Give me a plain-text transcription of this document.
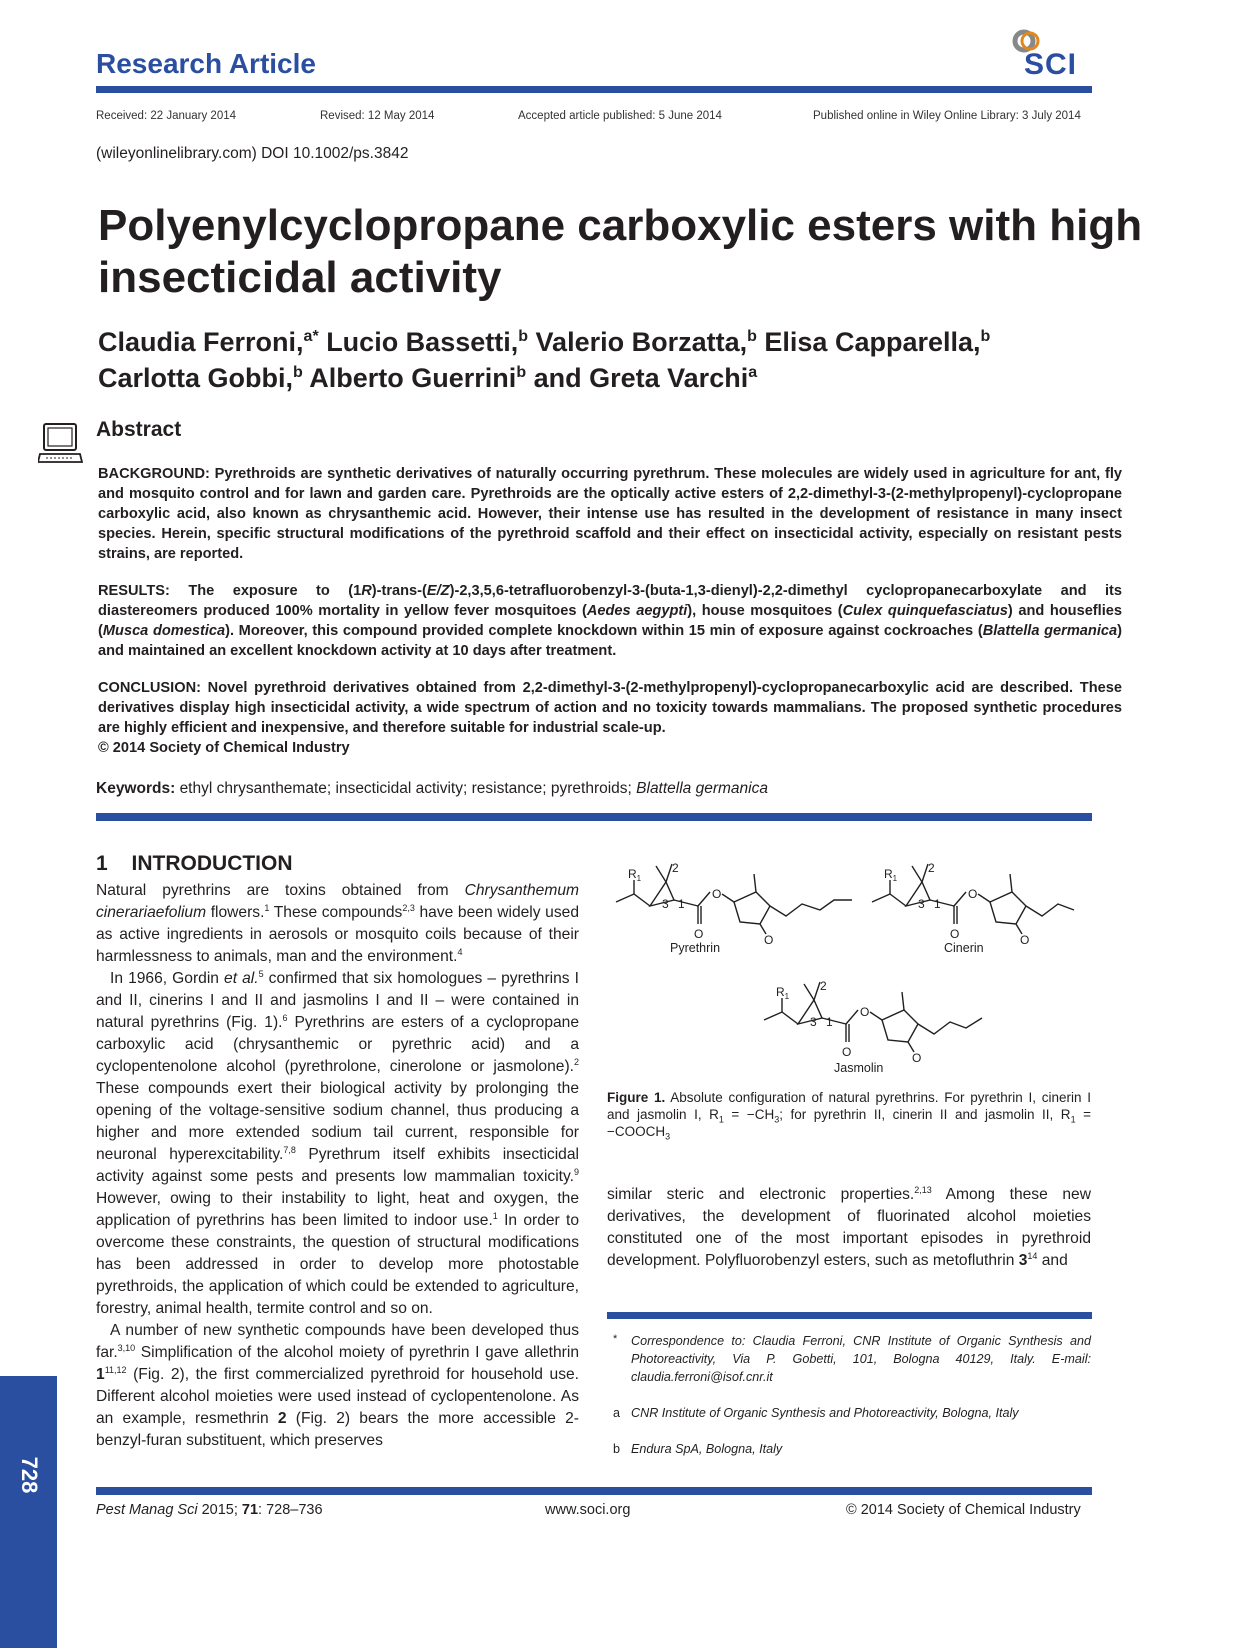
Research Article	SCI
Received: 22 January 2014	Revised: 12 May 2014	Accepted article published: 5 June 2014	Published online in Wiley Online Library: 3 July 2014
(wileyonlinelibrary.com) DOI 10.1002/ps.3842
Polyenylcyclopropane carboxylic esters with high insecticidal activity
Claudia Ferroni,$^{a*}$ Lucio Bassetti,$^b$ Valerio Borzatta,$^b$ Elisa Capparella,$^b$
Carlotta Gobbi,$^b$ Alberto Guerrini$^b$ and Greta Varchi$^a$
Abstract
BACKGROUND: Pyrethroids are synthetic derivatives of naturally occurring pyrethrum. These molecules are widely used in agriculture for ant, fly and mosquito control and for lawn and garden care. Pyrethroids are the optically active esters of 2,2-dimethyl-3-(2-methylpropenyl)-cyclopropane carboxylic acid, also known as chrysanthemic acid. However, their intense use has resulted in the development of resistance in many insect species. Herein, specific structural modifications of the pyrethroid scaffold and their effect on insecticidal activity, especially on resistant pests strains, are reported.
RESULTS: The exposure to (1R)-trans-(E/Z)-2,3,5,6-tetrafluorobenzyl-3-(buta-1,3-dienyl)-2,2-dimethyl cyclopropanecarboxylate and its diastereomers produced 100% mortality in yellow fever mosquitoes (Aedes aegypti), house mosquitoes (Culex quinquefasciatus) and houseflies (Musca domestica). Moreover, this compound provided complete knockdown within 15 min of exposure against cockroaches (Blattella germanica) and maintained an excellent knockdown activity at 10 days after treatment.
CONCLUSION: Novel pyrethroid derivatives obtained from 2,2-dimethyl-3-(2-methylpropenyl)-cyclopropanecarboxylic acid are described. These derivatives display high insecticidal activity, a wide spectrum of action and no toxicity towards mammalians. The proposed synthetic procedures are highly efficient and inexpensive, and therefore suitable for industrial scale-up.
© 2014 Society of Chemical Industry
Keywords: ethyl chrysanthemate; insecticidal activity; resistance; pyrethroids; Blattella germanica
1 INTRODUCTION

Natural pyrethrins are toxins obtained from Chrysanthemum cinerariaefolium flowers.$^1$ These compounds$^{2,3}$ have been widely used as active ingredients in aerosols or mosquito coils because of their harmlessness to animals, man and the environment.$^4$

In 1966, Gordin et al.$^5$ confirmed that six homologues – pyrethrins I and II, cinerins I and II and jasmolins I and II – were contained in natural pyrethrins (Fig. 1).$^6$ Pyrethrins are esters of a cyclopropane carboxylic acid (chrysanthemic or pyrethric acid) and a cyclopentenolone alcohol (pyrethrolone, cinerolone or jasmolone).$^2$ These compounds exert their biological activity by prolonging the opening of the voltage-sensitive sodium channel, thus producing a higher and more extended sodium tail current, responsible for neuronal hyperexcitability.$^{7,8}$ Pyrethrum itself exhibits insecticidal activity against some pests and presents low mammalian toxicity.$^9$ However, owing to their instability to light, heat and oxygen, the application of pyrethrins has been limited to indoor use.$^1$ In order to overcome these constraints, the question of structural modifications has been addressed in order to develop more photostable pyrethroids, the application of which could be extended to agriculture, forestry, animal health, termite control and so on.

A number of new synthetic compounds have been developed thus far.$^{3,10}$ Simplification of the alcohol moiety of pyrethrin I gave allethrin 1$^{11,12}$ (Fig. 2), the first commercialized pyrethroid for household use. Different alcohol moieties were used instead of cyclopentenolone. As an example, resmethrin 2 (Fig. 2) bears the more accessible 2-benzyl-furan substituent, which preserves

$R_1$
2
3 1
O
O	O
Pyrethrin
$R_1$
2
3 1
O
O	O
Cinerin
$R_1$
2
3 1
O
O	O
Jasmolin
Figure 1. Absolute configuration of natural pyrethrins. For pyrethrin I, cinerin I and jasmolin I, $R_1 = -CH_3$; for pyrethrin II, cinerin II and jasmolin II, $R_1$ = $-COOCH_3$

similar steric and electronic properties.$^{2,13}$ Among these new derivatives, the development of fluorinated alcohol moieties constituted one of the most important episodes in pyrethroid development. Polyfluorobenzyl esters, such as metofluthrin $3^{14}$ and

* Correspondence to: Claudia Ferroni, CNR Institute of Organic Synthesis and Photoreactivity, Via P. Gobetti, 101, Bologna 40129, Italy. E-mail: claudia.ferroni@isof.cnr.it
a CNR Institute of Organic Synthesis and Photoreactivity, Bologna, Italy
b Endura SpA, Bologna, Italy
728
Pest Manag Sci 2015; 71: 728–736	www.soci.org	© 2014 Society of Chemical Industry
